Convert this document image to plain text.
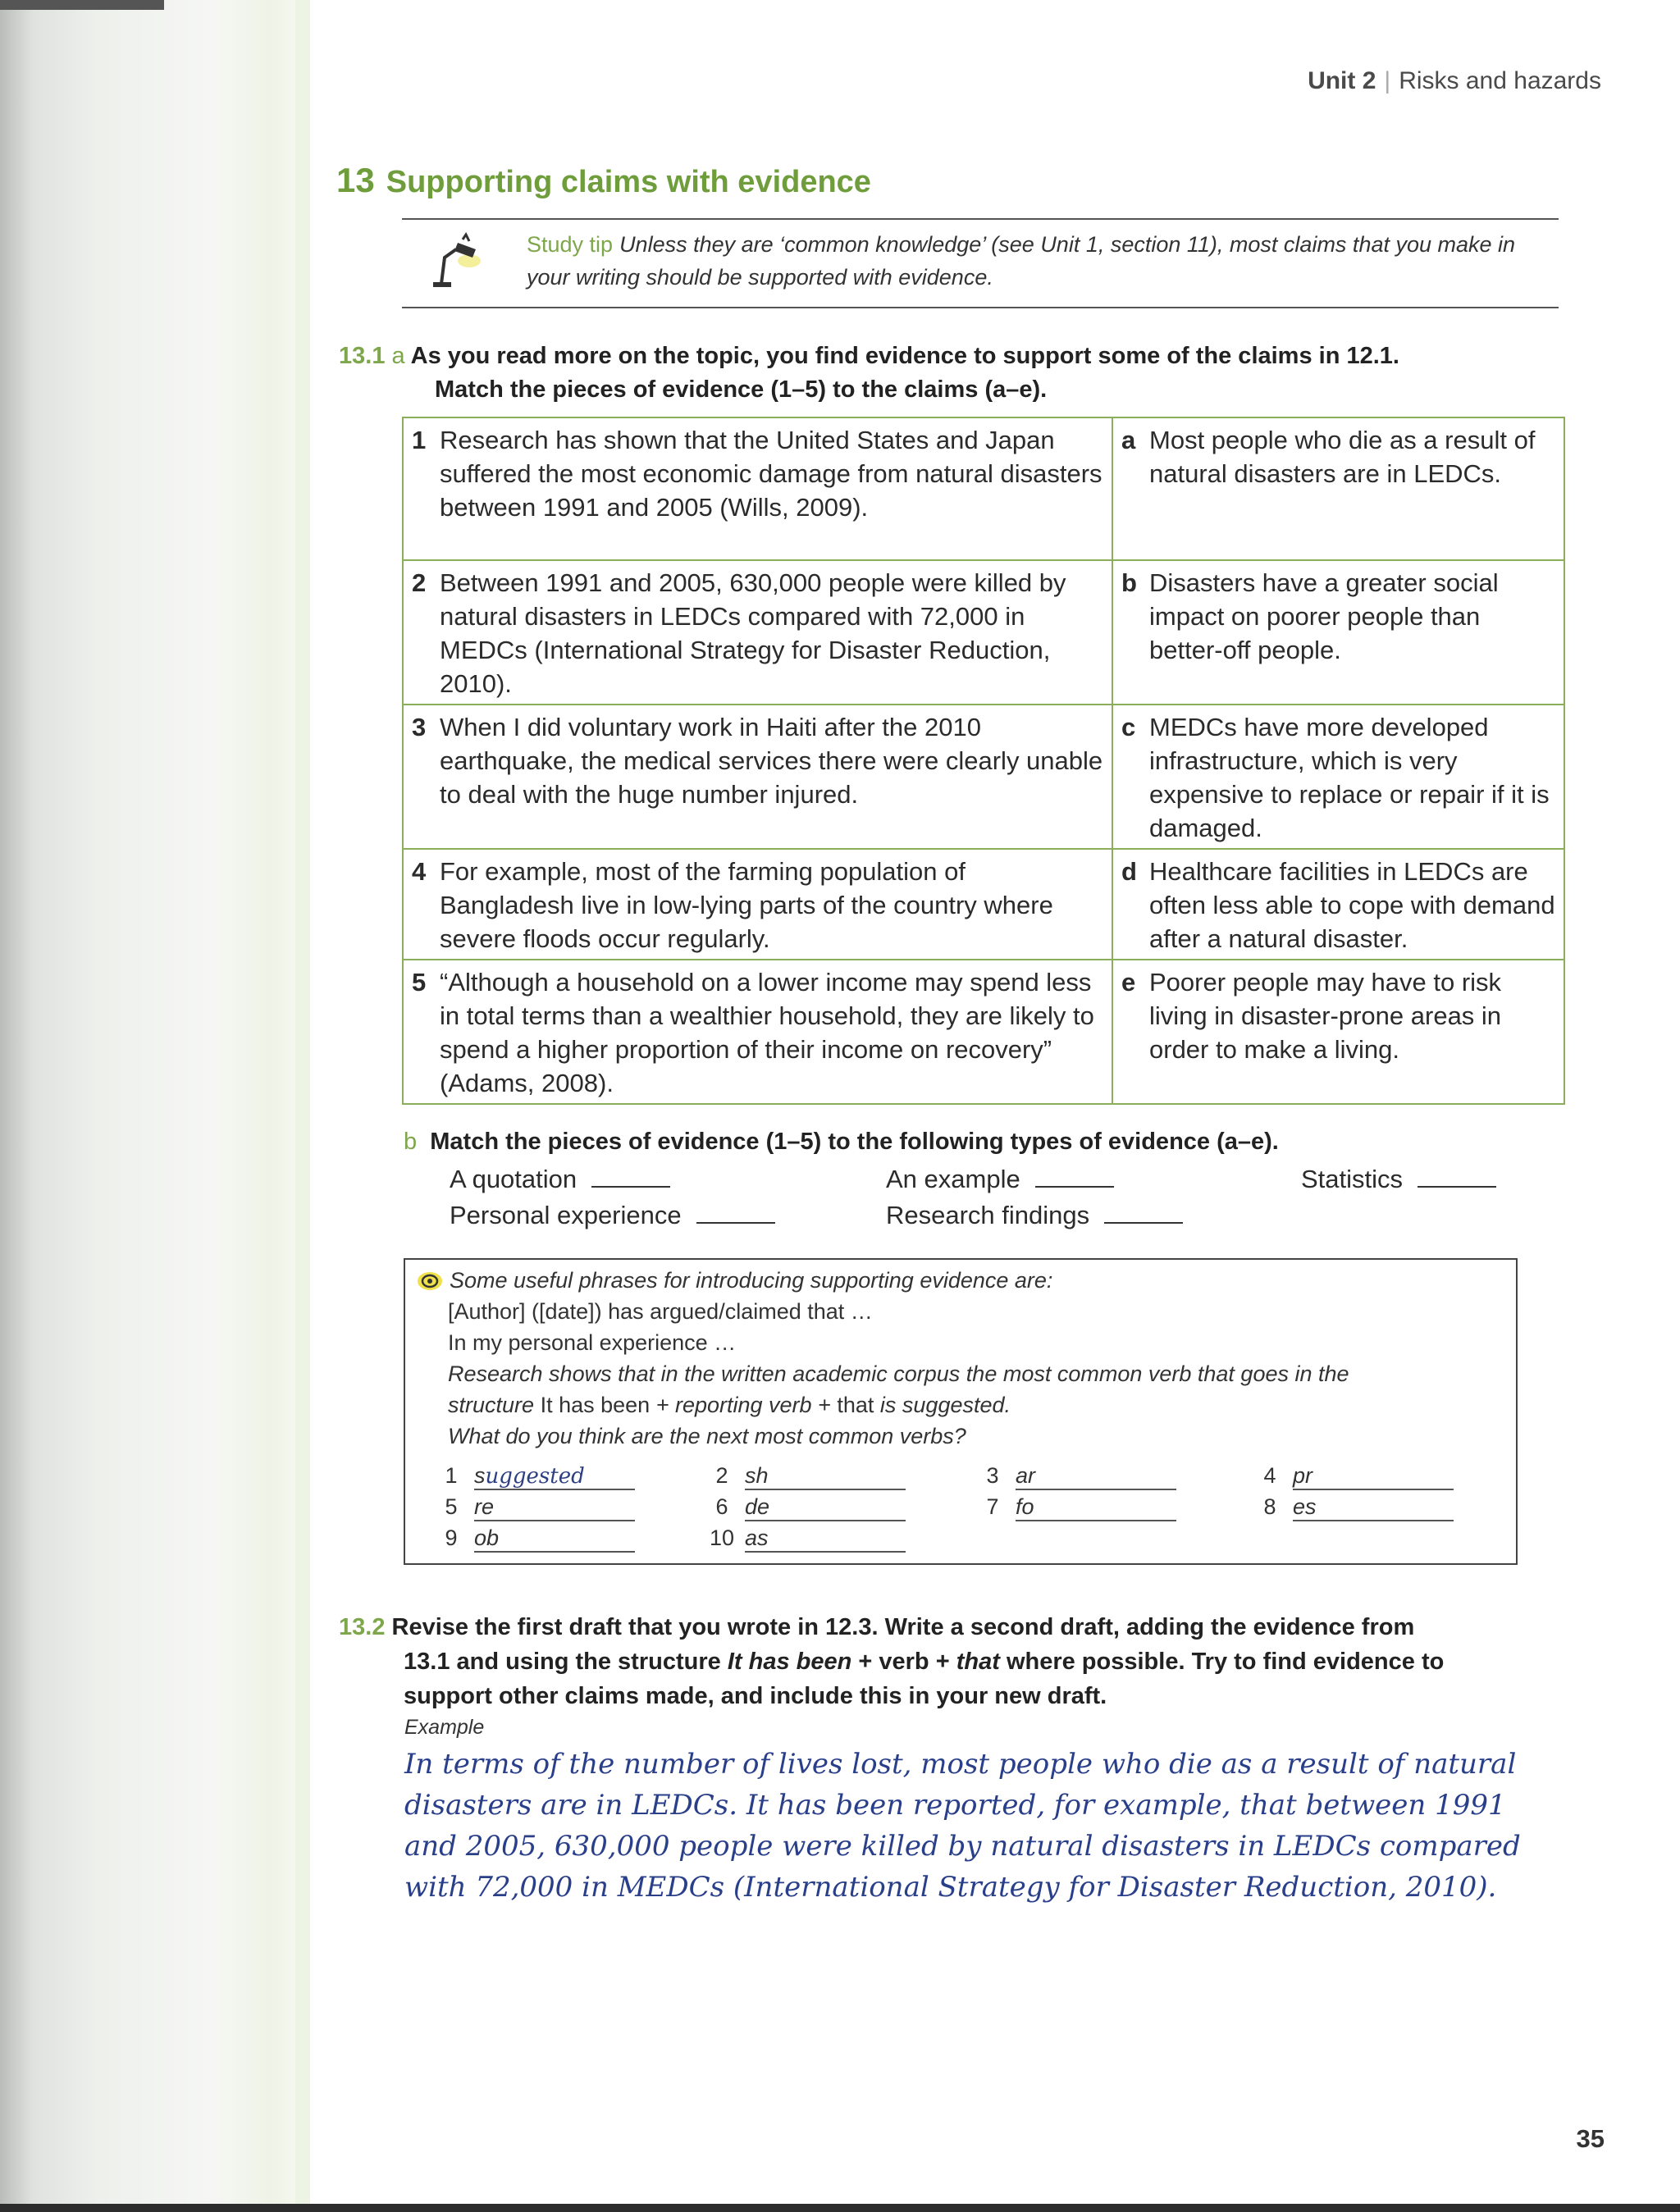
Unit 2 | Risks and hazards
13 Supporting claims with evidence
Study tip Unless they are ‘common knowledge’ (see Unit 1, section 11), most claims that you make in your writing should be supported with evidence.
13.1 a As you read more on the topic, you find evidence to support some of the claims in 12.1.
Match the pieces of evidence (1–5) to the claims (a–e).
1 Research has shown that the United States and Japan suffered the most economic damage from natural disasters between 1991 and 2005 (Wills, 2009).	a Most people who die as a result of natural disasters are in LEDCs.

2 Between 1991 and 2005, 630,000 people were killed by natural disasters in LEDCs compared with 72,000 in MEDCs (International Strategy for Disaster Reduction, 2010).	b Disasters have a greater social impact on poorer people than better-off people.

3 When I did voluntary work in Haiti after the 2010 earthquake, the medical services there were clearly unable to deal with the huge number injured.	c MEDCs have more developed infrastructure, which is very expensive to replace or repair if it is damaged.

4 For example, most of the farming population of Bangladesh live in low-lying parts of the country where severe floods occur regularly.	d Healthcare facilities in LEDCs are often less able to cope with demand after a natural disaster.

5 “Although a household on a lower income may spend less in total terms than a wealthier household, they are likely to spend a higher proportion of their income on recovery” (Adams, 2008).	e Poorer people may have to risk living in disaster-prone areas in order to make a living.
b Match the pieces of evidence (1–5) to the following types of evidence (a–e).
A quotation	An example	Statistics
Personal experience	Research findings
Some useful phrases for introducing supporting evidence are:
[Author] ([date]) has argued/claimed that …
In my personal experience …
Research shows that in the written academic corpus the most common verb that goes in the
structure It has been + reporting verb + that is suggested.
What do you think are the next most common verbs?
1 suggested	2 sh	3 ar	4 pr
5 re	6 de	7 fo	8 es
9 ob	10 as
13.2 Revise the first draft that you wrote in 12.3. Write a second draft, adding the evidence from
13.1 and using the structure It has been + verb + that where possible. Try to find evidence to
support other claims made, and include this in your new draft.
Example
In terms of the number of lives lost, most people who die as a result of natural
disasters are in LEDCs. It has been reported, for example, that between 1991
and 2005, 630,000 people were killed by natural disasters in LEDCs compared
with 72,000 in MEDCs (International Strategy for Disaster Reduction, 2010).
35
